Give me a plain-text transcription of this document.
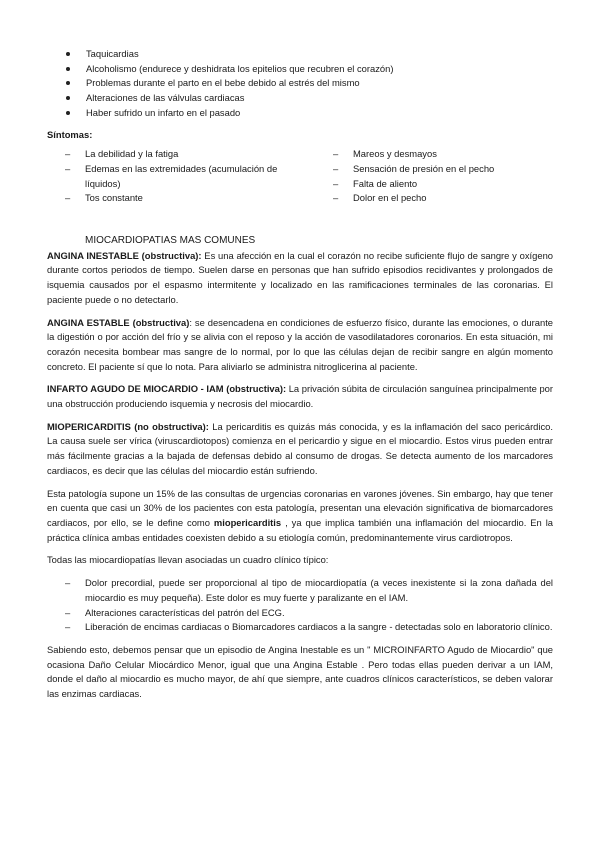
Taquicardias
Alcoholismo (endurece y deshidrata los epitelios que recubren el corazón)
Problemas durante el parto en el bebe debido al estrés del mismo
Alteraciones de las válvulas cardiacas
Haber sufrido un infarto en el pasado
Síntomas:
– La debilidad y la fatiga
– Edemas en las extremidades (acumulación de líquidos)
– Tos constante
– Mareos y desmayos
– Sensación de presión en el pecho
– Falta de aliento
– Dolor en el pecho
MIOCARDIOPATIAS MAS COMUNES

ANGINA INESTABLE (obstructiva): Es una afección en la cual el corazón no recibe suficiente flujo de sangre y oxígeno durante cortos periodos de tiempo. Suelen darse en personas que han sufrido episodios recidivantes y prolongados de isquemia causados por el espasmo intermitente y localizado en las ramificaciones terminales de las coronarias. El paciente puede o no detectarlo.

ANGINA ESTABLE (obstructiva): se desencadena en condiciones de esfuerzo físico, durante las emociones, o durante la digestión o por acción del frío y se alivia con el reposo y la acción de vasodilatadores coronarios. En esta situación, mi corazón necesita bombear mas sangre de lo normal, por lo que las células dejan de recibir sangre en algún momento concreto. El paciente sí que lo nota. Para aliviarlo se administra nitroglicerina al paciente.

INFARTO AGUDO DE MIOCARDIO - IAM (obstructiva): La privación súbita de circulación sanguínea principalmente por una obstrucción produciendo isquemia y necrosis del miocardio.

MIOPERICARDITIS (no obstructiva): La pericarditis es quizás más conocida, y es la inflamación del saco pericárdico. La causa suele ser vírica (viruscardiotopos) comienza en el pericardio y sigue en el miocardio. Estos virus pueden entrar más fácilmente gracias a la bajada de defensas debido al consumo de drogas. Se detecta aumento de los marcadores cardiacos, es decir que las células del miocardio están sufriendo.

Esta patología supone un 15% de las consultas de urgencias coronarias en varones jóvenes. Sin embargo, hay que tener en cuenta que casi un 30% de los pacientes con esta patología, presentan una elevación significativa de biomarcadores cardiacos, por ello, se le define como miopericarditis , ya que implica también una inflamación del miocardio. En la práctica clínica ambas entidades coexisten debido a su etiología común, predominantemente virus cardiotropos.

Todas las miocardiopatías llevan asociadas un cuadro clínico típico:

– Dolor precordial, puede ser proporcional al tipo de miocardiopatía (a veces inexistente si la zona dañada del miocardio es muy pequeña). Este dolor es muy fuerte y paralizante en el IAM.
– Alteraciones características del patrón del ECG.
– Liberación de encimas cardiacas o Biomarcadores cardiacos a la sangre - detectadas solo en laboratorio clínico.

Sabiendo esto, debemos pensar que un episodio de Angina Inestable es un " MICROINFARTO Agudo de Miocardio" que ocasiona Daño Celular Miocárdico Menor, igual que una Angina Estable . Pero todas ellas pueden derivar a un IAM, donde el daño al miocardio es mucho mayor, de ahí que siempre, ante cuadros clínicos característicos, se deben valorar las enzimas cardiacas.
